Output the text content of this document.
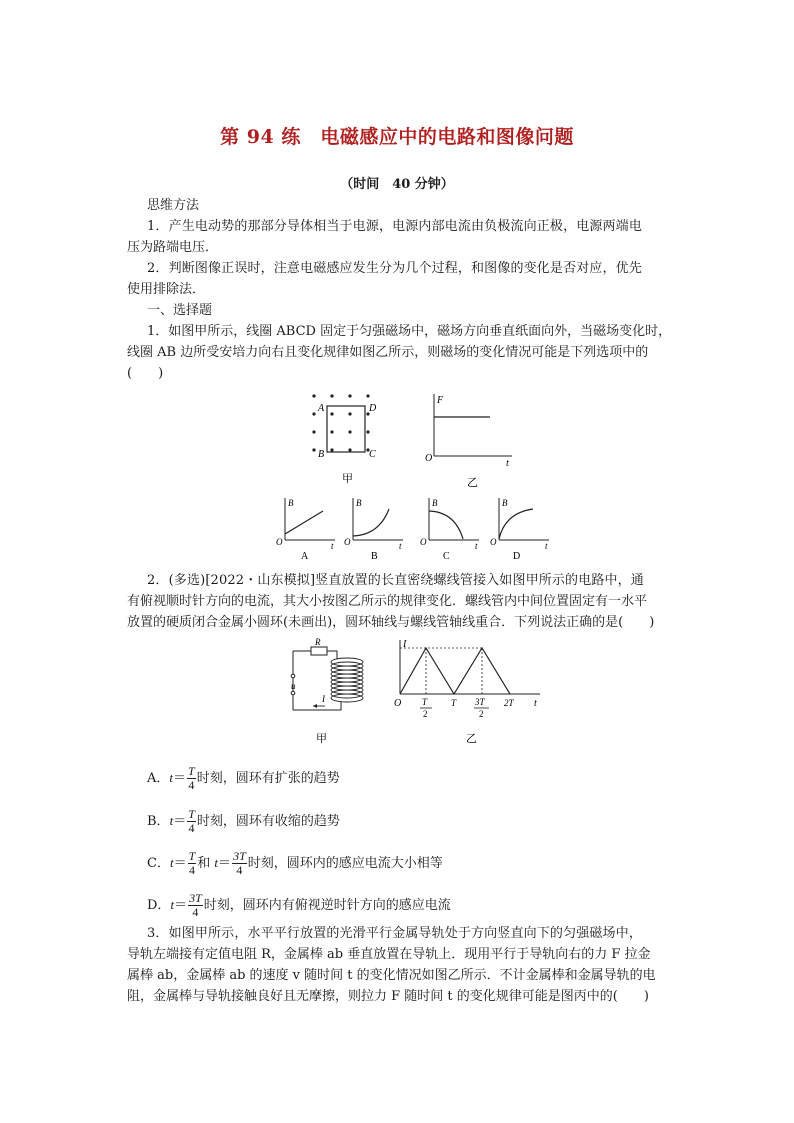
第 94 练　电磁感应中的电路和图像问题
（时间　40 分钟）
思维方法
1．产生电动势的那部分导体相当于电源，电源内部电流由负极流向正极，电源两端电
压为路端电压．
2．判断图像正误时，注意电磁感应发生分为几个过程，和图像的变化是否对应，优先
使用排除法．
一、选择题
1．如图甲所示，线圈 ABCD 固定于匀强磁场中，磁场方向垂直纸面向外，当磁场变化时，
线圈 AB 边所受安培力向右且变化规律如图乙所示，则磁场的变化情况可能是下列选项中的
(　　)
A	D
B	C
甲
F
t
O
乙
B
t
O
A
B
t
O
B
B
t
O
C
B
t
O
D
2．(多选)[2022・山东模拟]竖直放置的长直密绕螺线管接入如图甲所示的电路中，通
有俯视顺时针方向的电流，其大小按图乙所示的规律变化．螺线管内中间位置固定有一水平
放置的硬质闭合金属小圆环(未画出)，圆环轴线与螺线管轴线重合．下列说法正确的是(　　)
R
u
I
甲
I
t
O T
2
T 3T
2
2T
乙
A．$t= \frac{T}{4}$ 时刻，圆环有扩张的趋势
B．$t= \frac{T}{4}$ 时刻，圆环有收缩的趋势
C．$t= \frac{T}{4}$ 和 $t= \frac{3T}{4}$ 时刻，圆环内的感应电流大小相等
D．$t= \frac{3T}{4}$ 时刻，圆环内有俯视逆时针方向的感应电流
3．如图甲所示，水平平行放置的光滑平行金属导轨处于方向竖直向下的匀强磁场中，
导轨左端接有定值电阻 R，金属棒 ab 垂直放置在导轨上．现用平行于导轨向右的力 F 拉金
属棒 ab，金属棒 ab 的速度 v 随时间 t 的变化情况如图乙所示．不计金属棒和金属导轨的电
阻，金属棒与导轨接触良好且无摩擦，则拉力 F 随时间 t 的变化规律可能是图丙中的(　　)
